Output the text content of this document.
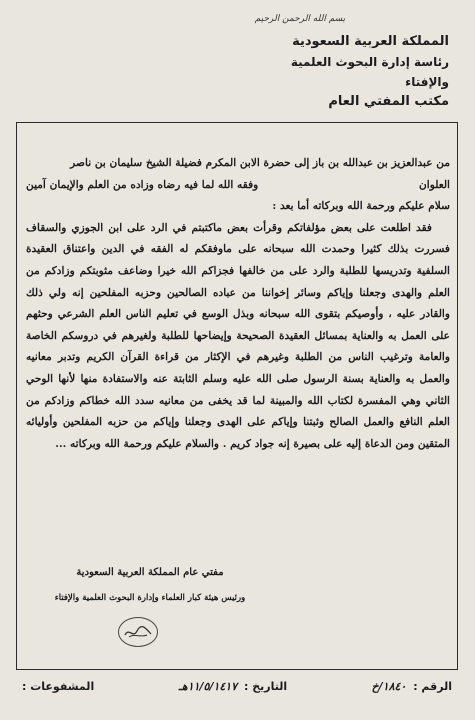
بسم الله الرحمن الرحيم
المملكة العربية السعودية
رئاسة إدارة البحوث العلمية والإفتاء
مكتب المفتي العام

من عبدالعزيز بن عبدالله بن باز إلى حضرة الابن المكرم فضيلة الشيخ سليمان بن ناصر

العلوان
وفقه الله لما فيه رضاه وزاده من العلم والإيمان آمين

سلام عليكم ورحمة الله وبركاته أما بعد :

فقد اطلعت على بعض مؤلفاتكم وقرأت بعض ماكتبتم في الرد على ابن الجوزي والسقاف فسررت بذلك كثيرا وحمدت الله سبحانه على ماوفقكم له الفقه في الدين واعتناق العقيدة السلفية وتدريسها للطلبة والرد على من خالفها فجزاكم الله خيرا وضاعف مثوبتكم وزادكم من العلم والهدى وجعلنا وإياكم وسائر إخواننا من عباده الصالحين وحزبه المفلحين إنه ولي ذلك والقادر عليه ، وأوصيكم بتقوى الله سبحانه وبذل الوسع في تعليم الناس العلم الشرعي وحثهم على العمل به والعناية بمسائل العقيدة الصحيحة وإيضاحها للطلبة ولغيرهم في دروسكم الخاصة والعامة وترغيب الناس من الطلبة وغيرهم في الإكثار من قراءة القرآن الكريم وتدبر معانيه والعمل به والعناية بسنة الرسول صلى الله عليه وسلم الثابتة عنه والاستفادة منها لأنها الوحي الثاني وهي المفسرة لكتاب الله والمبينة لما قد يخفى من معانيه سدد الله خطاكم وزادكم من العلم النافع والعمل الصالح وثبتنا وإياكم على الهدى وجعلنا وإياكم من حزبه المفلحين وأوليائه المتقين ومن الدعاة إليه على بصيرة إنه جواد كريم . والسلام عليكم ورحمة الله وبركاته ...

مفتي عام المملكة العربية السعودية
ورئيس هيئة كبار العلماء وإدارة البحوث العلمية والإفتاء
الرقم : ١٨٤٠/خ
التاريخ : ١١/٥/١٤١٧هـ
المشفوعات :
